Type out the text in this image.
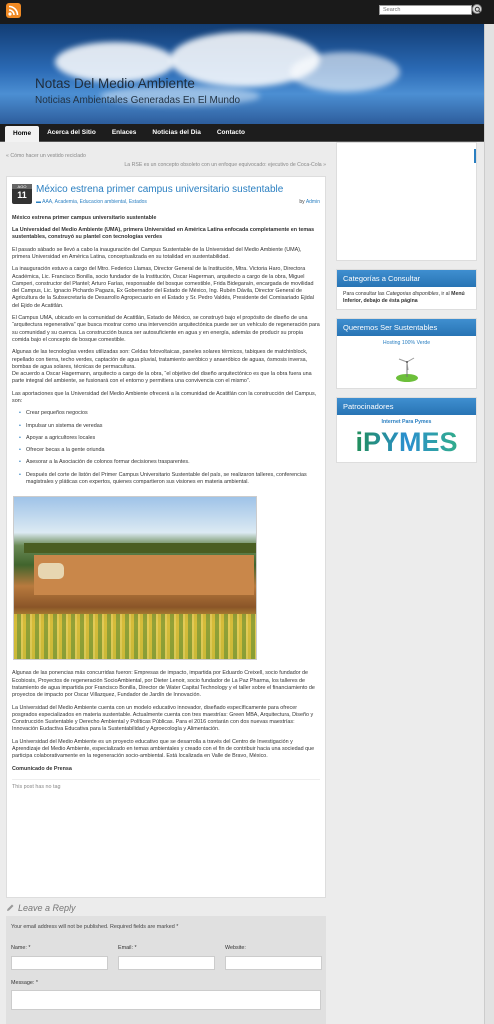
Search
Notas Del Medio Ambiente
Noticias Ambientales Generadas En El Mundo
Home	Acerca del Sitio	Enlaces	Noticias del Dia	Contacto
« Cómo hacer un vestido reciclado
La RSE es un concepto obsoleto con un enfoque equivocado: ejecutivo de Coca-Cola »
AGO
11
México estrena primer campus universitario sustentable
▬ AAA, Academia, Educacion ambiental, Estados	by Admin

México estrena primer campus universitario sustentable

La Universidad del Medio Ambiente (UMA), primera Universidad en América Latina enfocada completamente en temas sustentables, construyó su plantel con tecnologías verdes

El pasado sábado se llevó a cabo la inauguración del Campus Sustentable de la Universidad del Medio Ambiente (UMA), primera Universidad en América Latina, conceptualizada en su totalidad en sustentabilidad.

La inauguración estuvo a cargo del Mtro. Federico Llamas, Director General de la Institución, Mtra. Victoria Haro, Directora Académica, Lic. Francisco Bonilla, socio fundador de la Institución, Oscar Hagerman, arquitecto a cargo de la obra, Miguel Camperi, constructor del Plantel; Arturo Farías, responsable del bosque comestible, Frida Bidegaraín, encargada de movilidad del Campus, Lic. Ignacio Pichardo Pagaza, Ex Gobernador del Estado de México, Ing. Rubén Dávila, Director General de Agricultura de la Subsecretaría de Desarrollo Agropecuario en el Estado y Sr. Pedro Valdés, Presidente del Comisariado Ejidal del Ejido de Acatitlán.

El Campus UMA, ubicado en la comunidad de Acatitlán, Estado de México, se construyó bajo el propósito de diseño de una “arquitectura regenerativa” que busca mostrar como una intervención arquitectónica puede ser un vehículo de regeneración para su comunidad y su cuenca. La construcción busca ser autosuficiente en agua y en energía, además de producir su propia comida bajo el concepto de bosque comestible.

Algunas de las tecnologías verdes utilizadas son: Celdas fotovoltaicas, paneles solares térmicos, tabiques de matchinblock, repellado con tierra, techo verdes, captación de agua pluvial, tratamiento aeróbico y anaeróbico de aguas, ósmosis inversa, bombas de agua solares, técnicas de permacultura.

De acuerdo a Oscar Hagermann, arquitecto a cargo de la obra, “el objetivo del diseño arquitectónico es que la obra fuera una parte integral del ambiente, se fusionará con el entorno y permitiera una convivencia con el mismo”.

Las aportaciones que la Universidad del Medio Ambiente ofrecerá a la comunidad de Acatitlán con la construcción del Campus, son:

• Crear pequeños negocios
• Impulsar un sistema de veredas
• Apoyar a agricultores locales
• Ofrecer becas a la gente oriunda
• Asesorar a la Asociación de colonos formar decisiones trasparentes.
• Después del corte de listón del Primer Campus Universitario Sustentable del país, se realizaron talleres, conferencias magistrales y pláticas con expertos, quienes compartieron sus visiones en materia ambiental.

Algunas de las ponencias más concurridas fueron: Empresas de impacto, impartida por Eduardo Creixell, socio fundador de Ecobiosis, Proyectos de regeneración SocioAmbiental, por Dieter Lenoir, socio fundador de La Paz Pharma, los talleres de tratamiento de agua impartida por Francisco Bonilla, Director de Water Capital Technology y el taller sobre el financiamiento de proyectos de impacto por Oscar Villazquez, Fundador de Jardín de Innovación.

La Universidad del Medio Ambiente cuenta con un modelo educativo innovador, diseñado específicamente para ofrecer posgrados especializados en materia sustentable. Actualmente cuenta con tres maestrías: Green MBA, Arquitectura, Diseño y Construcción Sustentable y Derecho Ambiental y Políticas Públicas. Para el 2016 contarán con dos nuevas maestrías: Innovación Eudactiva Educativa para la Sustentabilidad y Agroecología y Alimentación.

La Universidad del Medio Ambiente es un proyecto educativo que se desarrolla a través del Centro de Investigación y Aprendizaje del Medio Ambiente, especializado en temas ambientales y creado con el fin de contribuir hacia una sociedad que participa colaborativamente en la regeneración socio-ambiental. Está localizada en Valle de Bravo, México.

Comunicado de Prensa

This post has no tag
Leave a Reply
Your email address will not be published. Required fields are marked *
Name: *	Email: *	Website:
Message: *
Categorías a Consultar
Para consultar las Categorias disponibles, ir al Menú Inferior, debajo de ésta página
Queremos Ser Sustentables
Hosting 100% Verde
Patrocinadores
Internet Para Pymes
iPYMES
